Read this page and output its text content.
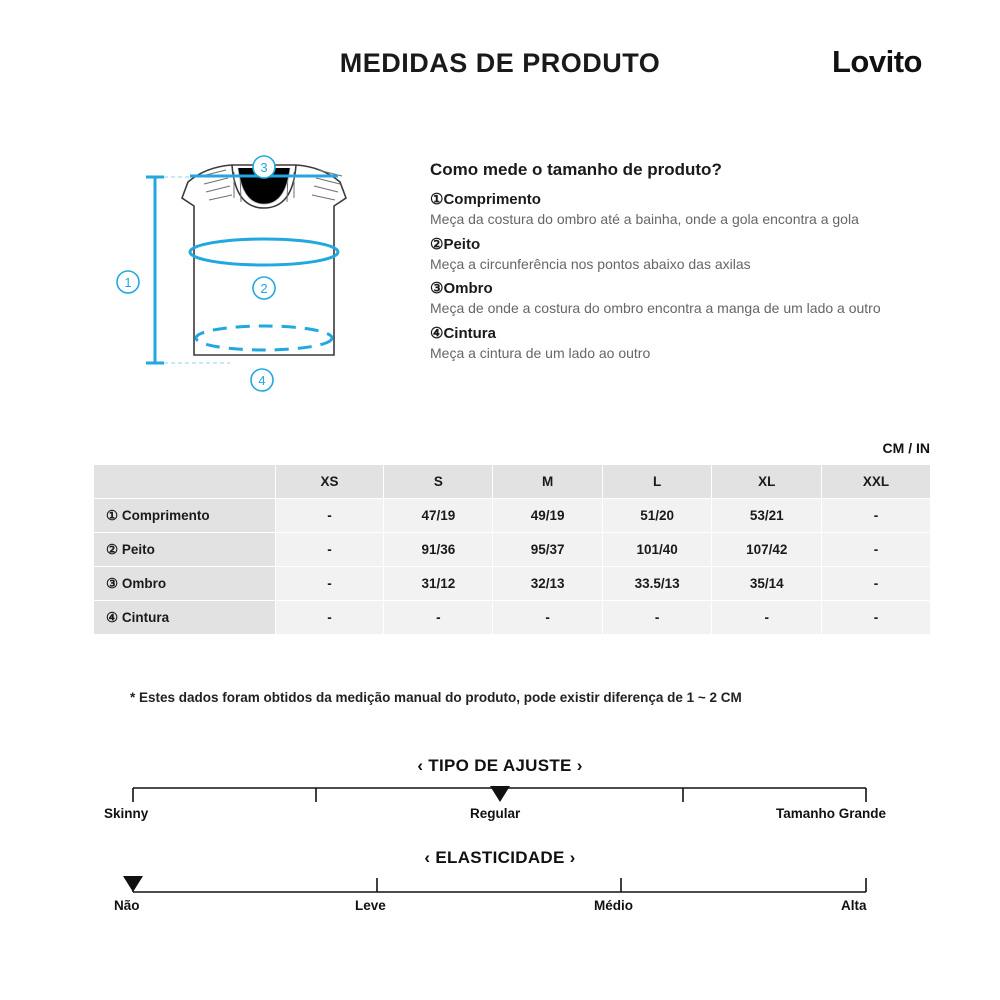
MEDIDAS DE PRODUTO	Lovito
1	2
3
4
Como mede o tamanho de produto?
①Comprimento
Meça da costura do ombro até a bainha, onde a gola encontra a gola
②Peito
Meça a circunferência nos pontos abaixo das axilas
③Ombro
Meça de onde a costura do ombro encontra a manga de um lado a outro
④Cintura
Meça a cintura de um lado ao outro
CM / IN
	XS	S	M	L	XL	XXL
① Comprimento	-	47/19	49/19	51/20	53/21	-
② Peito	-	91/36	95/37	101/40	107/42	-
③ Ombro	-	31/12	32/13	33.5/13	35/14	-
④ Cintura	-	-	-	-	-	-
* Estes dados foram obtidos da medição manual do produto, pode existir diferença de 1 ~ 2 CM
‹ TIPO DE AJUSTE ›
Skinny	Regular	Tamanho Grande
‹ ELASTICIDADE ›
Não	Leve	Médio	Alta
